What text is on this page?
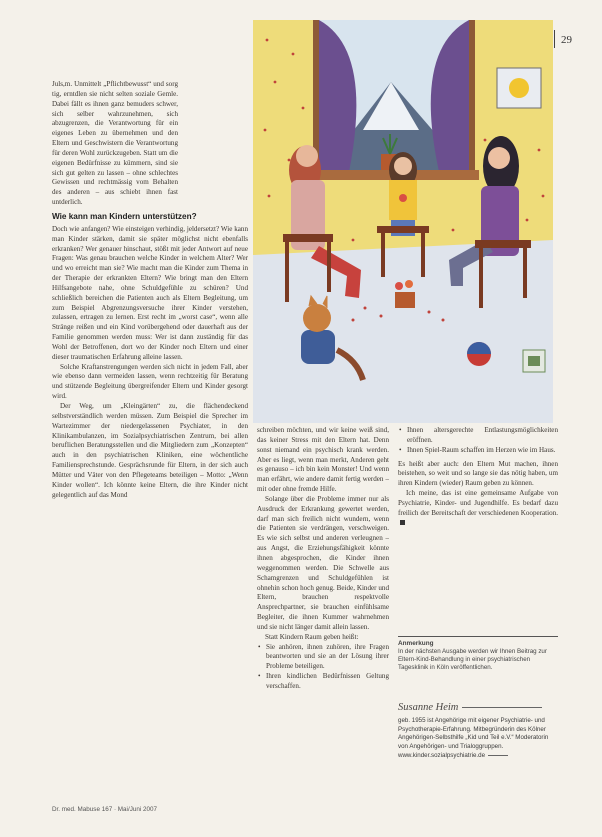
29

Juls,m. Unmittelt „Pflichtbewusst“ und sorg tig, erntdlen sie nicht selten soziale Gemle. Dabei fällt es ihnen ganz bemuders schwer, sich selber wahrzunehmen, sich abzugrenzen, die Verantwortung für ein eigenes Leben zu übernehmen und den Eltern und Geschwistern die Verantwortung für deren Wohl zurückzugeben. Statt um die eigenen Bedürfnisse zu kümmern, sind sie sich gut gelten zu lassen – ohne schlechtes Gewissen und rechtmässig vom Behalten des anderen – aus schiebt ihnen fast untderlich.

Wie kann man Kindern unterstützen?

Doch wie anfangen? Wie einsteigen verhindig, jeldersetzt? Wie kann man Kinder stärken, damit sie später möglichst nicht ebenfalls erkranken? Wer genauer hinschaut, stößt mit jeder Antwort auf neue Fragen: Was genau brauchen welche Kinder in welchem Alter? Wer und wo erreicht man sie? Wie macht man die Kinder zum Thema in der Therapie der erkrankten Eltern? Wie bringt man den Eltern Hilfsangebote nahe, ohne Schuldgefühle zu schüren? Und schließlich bereichen die Patienten auch als Eltern Begleitung, um zum Beispiel Abgrenzungsversuche ihrer Kinder verstehen, zulassen, ertragen zu lernen. Erst recht im „worst case“, wenn alle Stränge reißen und ein Kind vorübergehend oder dauerhaft aus der Familie genommen werden muss: Wer ist dann zuständig für das Wohl der Betroffenen, dort wo der Kinder noch Eltern und einer dieser traumatischen Erfahrung alleine lassen.

Solche Kraftanstrengungen werden sich nicht in jedem Fall, aber wie ebenso dann vermeiden lassen, wenn rechtzeitig für Beratung und stützende Begleitung übergreifender Eltern und Kinder gesorgt wird.

Der Weg, um „Kleingärten“ zu, die flächendeckend selbstverständlich werden müssen. Zum Beispiel die Sprecher im Wartezimmer der niedergelassenen Psychiater, in den Klinikambulanzen, im Sozialpsychiatrischen Zentrum, bei allen beruflichen Beratungsstellen und die Mitgliedern zum „Konzepten“ auch in den psychiatrischen Kliniken, eine wöchentliche Familiensprechstunde. Gesprächsrunde für Eltern, in der sich auch Mütter und Väter von den Pflegeteams beteiligen – Motto: „Wenn Kinder wollen“. Ich könnte keine Eltern, die ihre Kinder nicht gelegentlich auf das Mond

schreiben möchten, und wir keine weiß sind, das keiner Stress mit den Eltern hat. Denn sonst niemand ein psychisch krank werden. Aber es liegt, wenn man merkt, Anderen geht es genauso – ich bin kein Monster! Und wenn man erfährt, wie andere damit fertig werden – mit oder ohne fremde Hilfe.

Solange über die Probleme immer nur als Ausdruck der Erkrankung gewertet werden, darf man sich freilich nicht wundern, wenn die Patienten sie verdrängen, verschweigen. Es wie sich selbst und anderen verleugnen – aus Angst, die Erziehungsfähigkeit könnte ihnen abgesprochen, die Kinder ihnen weggenommen werden. Die Schwelle aus Schamgrenzen und Schuldgefühlen ist ohnehin schon hoch genug. Beide, Kinder und Eltern, brauchen respektvolle Ansprechpartner, sie brauchen einfühlsame Begleiter, die ihnen Kummer wahrnehmen und sie nicht länger damit allein lassen.

Statt Kindern Raum geben heißt:

• Sie anhören, ihnen zuhören, ihre Fragen beantworten und sie an der Lösung ihrer Probleme beteiligen.
• Ihren kindlichen Bedürfnissen Geltung verschaffen.
• Ihnen altersgerechte Entlastungsmöglichkeiten eröffnen.
• Ihnen Spiel-Raum schaffen im Herzen wie im Haus.

Es heißt aber auch: den Eltern Mut machen, ihnen beistehen, so weit und so lange sie das nötig haben, um ihren Kindern (wieder) Raum geben zu können.

Ich meine, das ist eine gemeinsame Aufgabe von Psychiatrie, Kinder- und Jugendhilfe. Es bedarf dazu freilich der Bereitschaft der verschiedenen Kooperation.

Anmerkung
In der nächsten Ausgabe werden wir Ihnen Beitrag zur Eltern-Kind-Behandlung in einer psychiatrischen Tagesklinik in Köln veröffentlichen.
Susanne Heim
geb. 1955 ist Angehörige mit eigener Psychiatrie- und Psychotherapie-Erfahrung. Mitbegründerin des Kölner Angehörigen-Selbsthilfe „Kid und Teil e.V.“ Moderatorin von Angehörigen- und Trialoggruppen. www.kinder.sozialpsychiatrie.de
Dr. med. Mabuse 167 · Mai/Juni 2007
